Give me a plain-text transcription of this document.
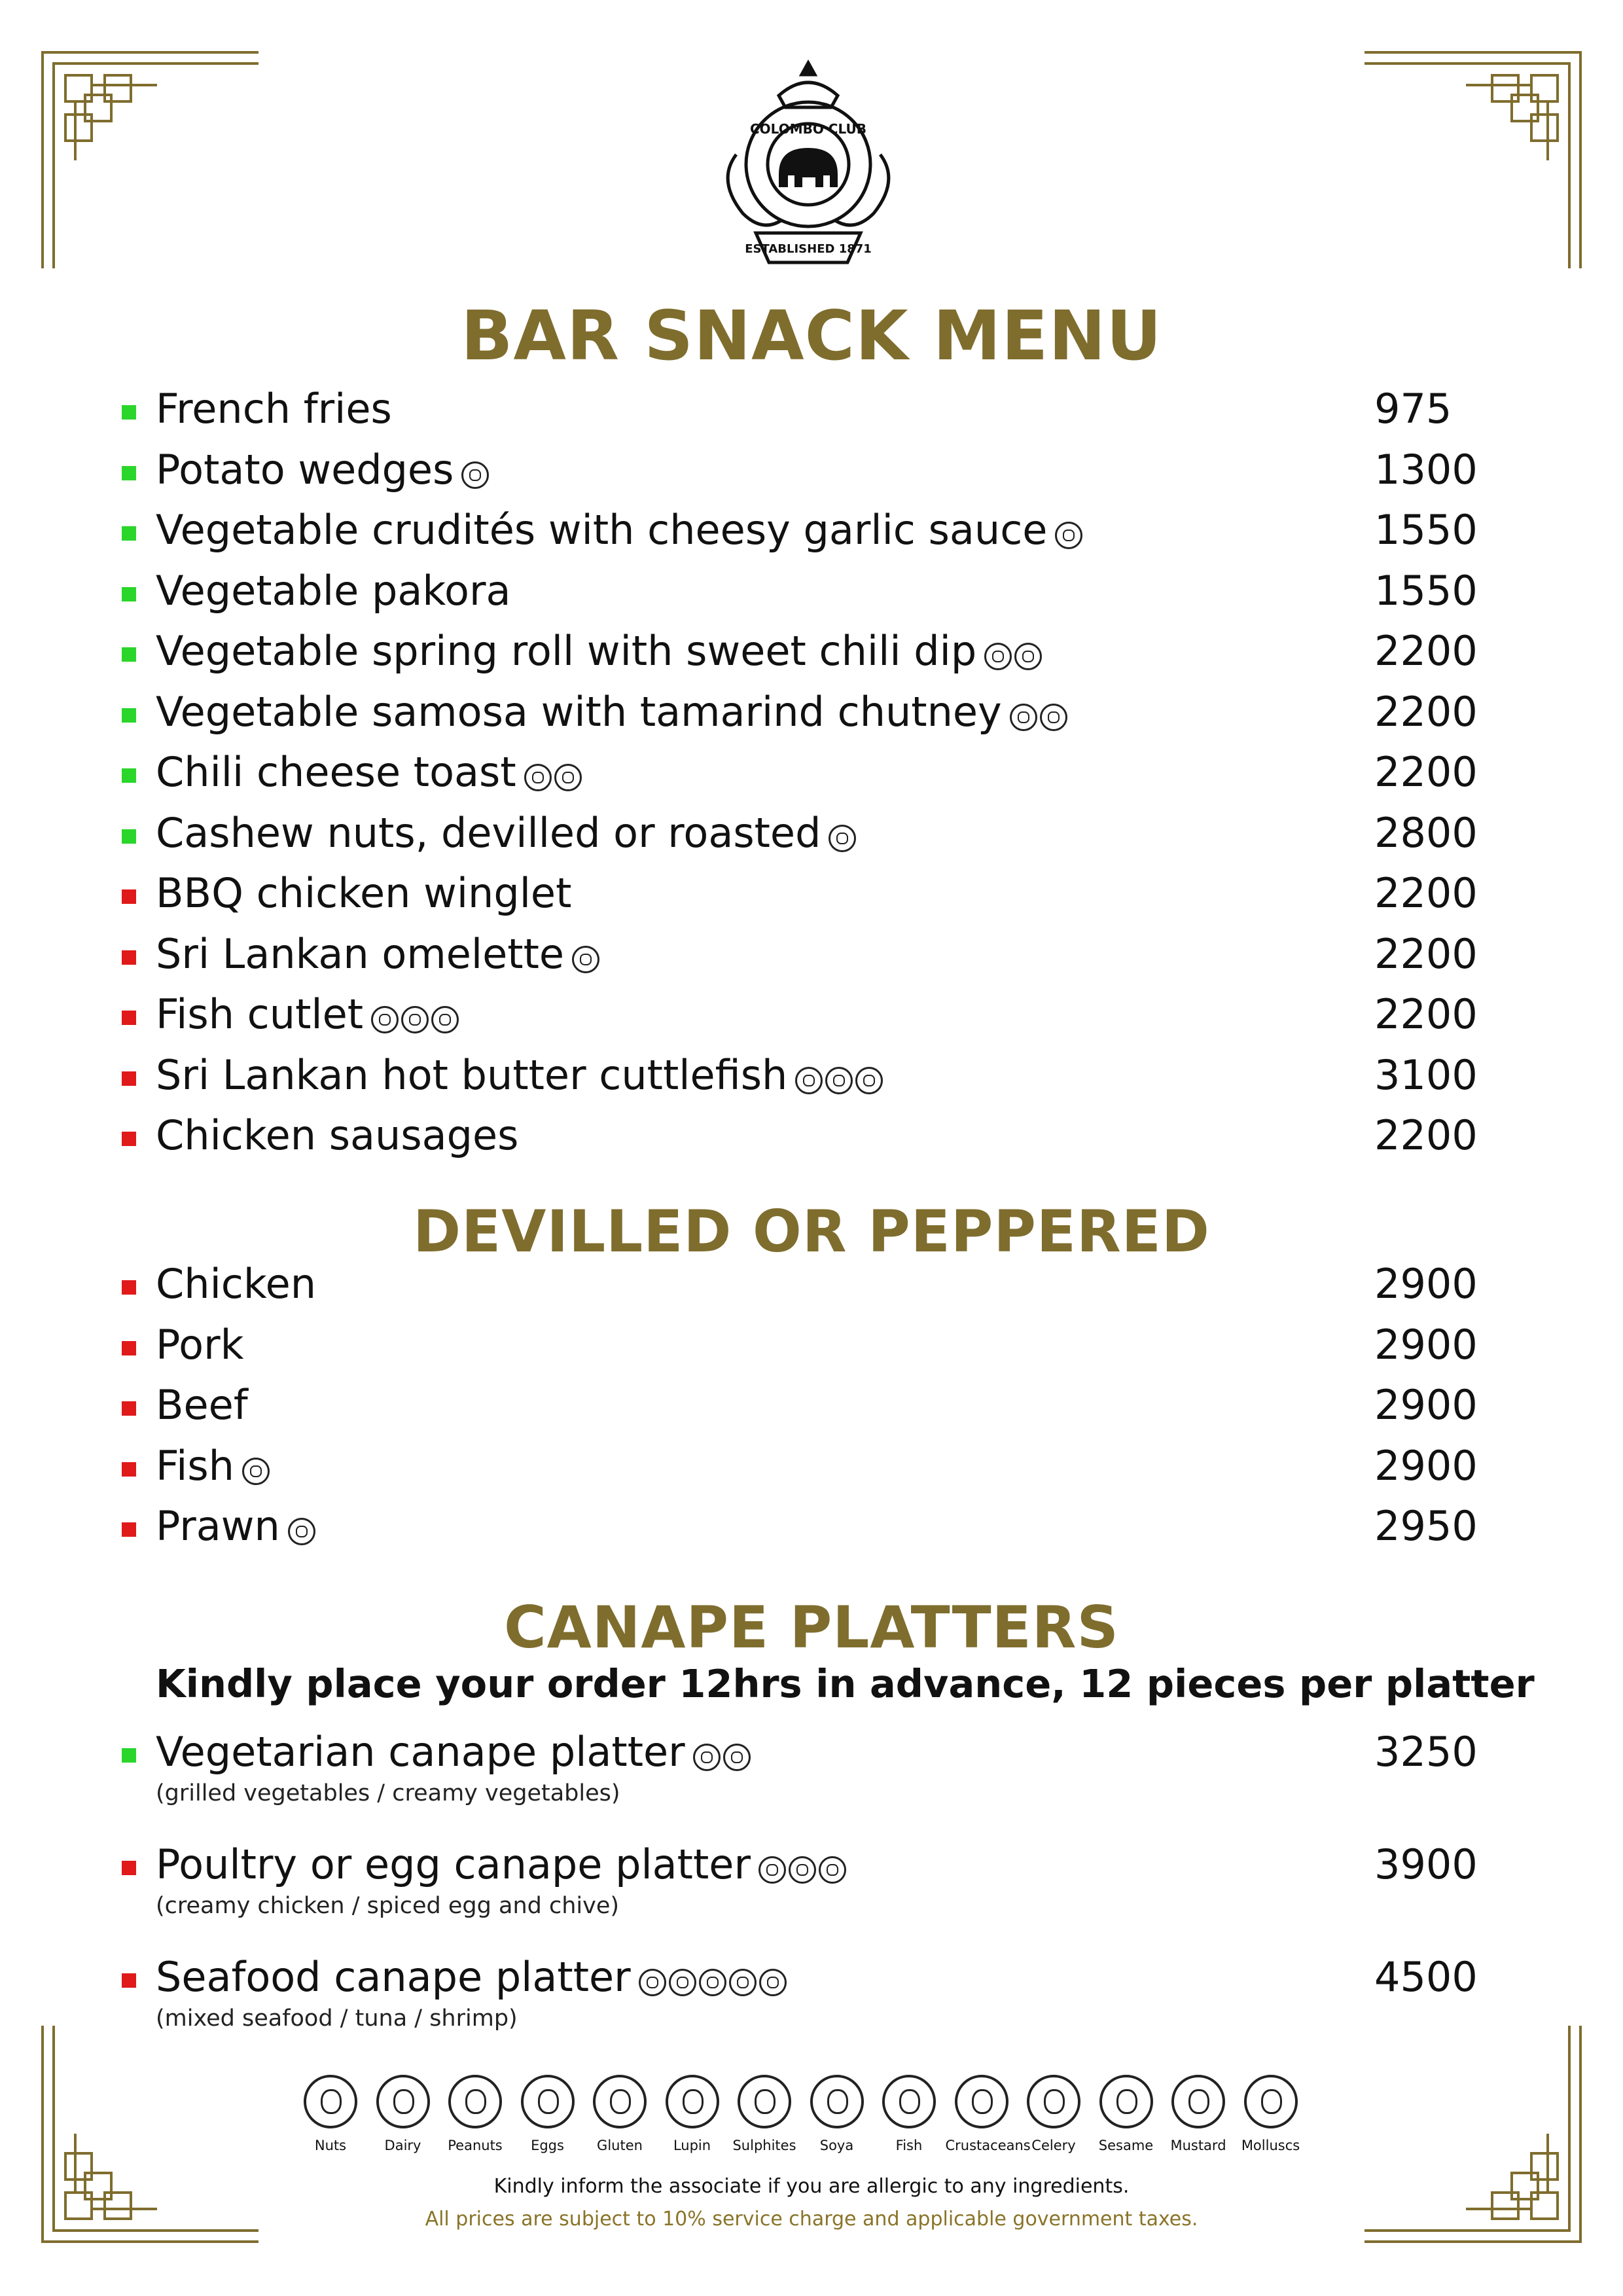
ESTABLISHED 1871
COLOMBO CLUB
BAR SNACK MENU
DEVILLED OR PEPPERED
CANAPE PLATTERS
Kindly place your order 12hrs in advance, 12 pieces per platter
French fries	975
Potato wedges	1300
Vegetable crudités with cheesy garlic sauce	1550
Vegetable pakora	1550
Vegetable spring roll with sweet chili dip	2200
Vegetable samosa with tamarind chutney	2200
Chili cheese toast	2200
Cashew nuts, devilled or roasted	2800
BBQ chicken winglet	2200
Sri Lankan omelette	2200
Fish cutlet	2200
Sri Lankan hot butter cuttlefish	3100
Chicken sausages	2200
Chicken	2900
Pork	2900
Beef	2900
Fish	2900
Prawn	2950
Vegetarian canape platter	3250
(grilled vegetables / creamy vegetables)
Poultry or egg canape platter	3900
(creamy chicken / spiced egg and chive)
Seafood canape platter	4500
(mixed seafood / tuna / shrimp)
Nuts	Dairy	Peanuts	Eggs	Gluten	Lupin	Sulphites	Soya	Fish	Crustaceans Celery	Sesame	Mustard	Molluscs
Kindly inform the associate if you are allergic to any ingredients.
All prices are subject to 10% service charge and applicable government taxes.
